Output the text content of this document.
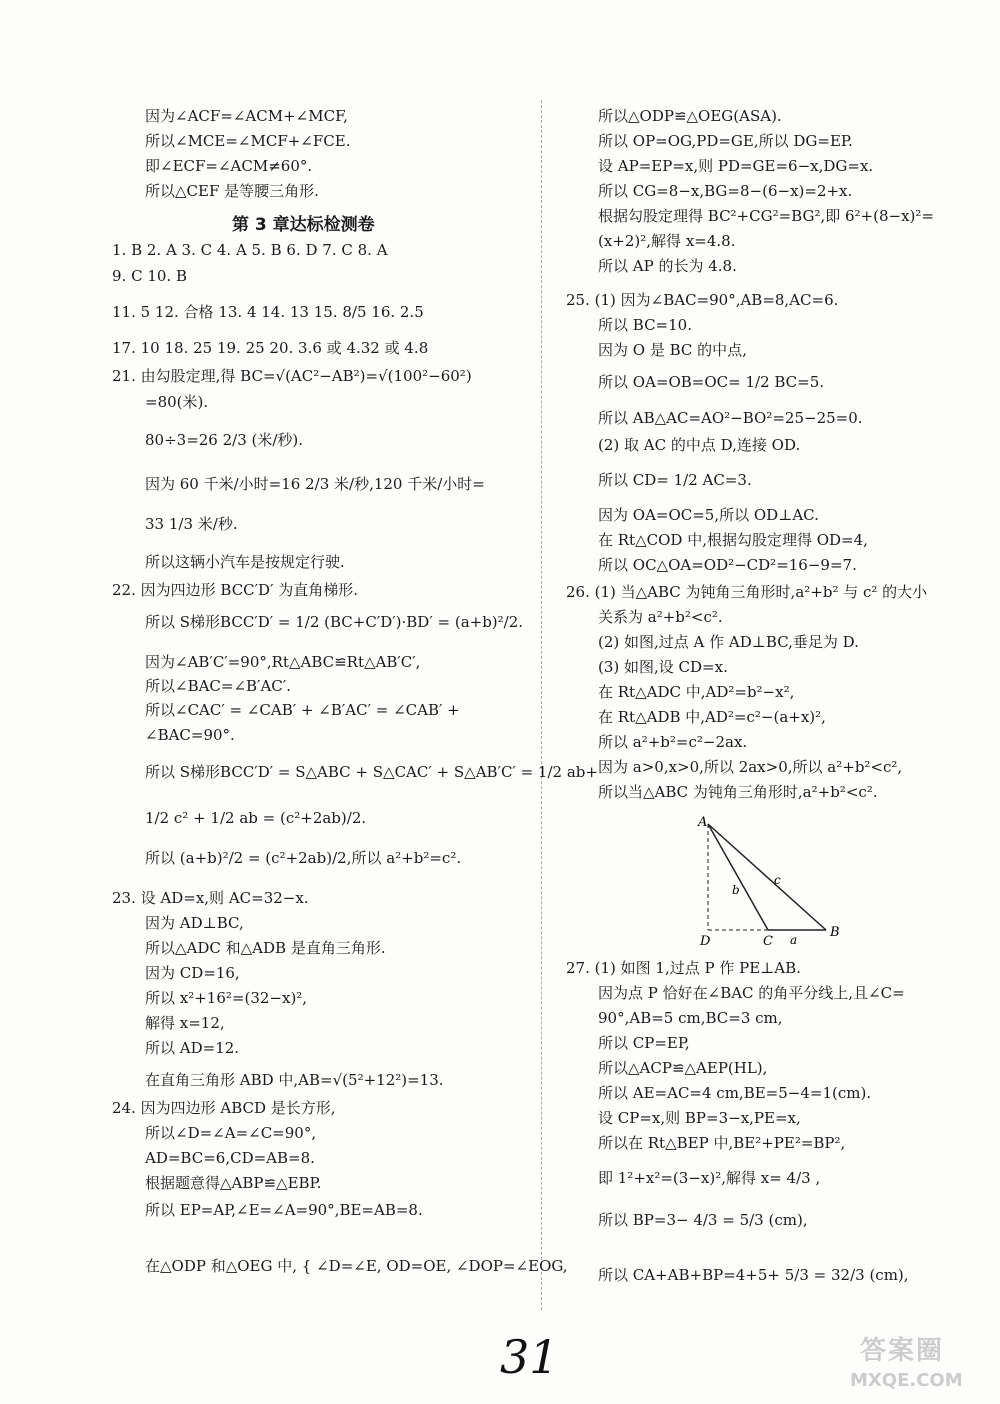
因为∠ACF=∠ACM+∠MCF,
所以∠MCE=∠MCF+∠FCE.
即∠ECF=∠ACM≠60°.
所以△CEF 是等腰三角形.
1. B 2. A 3. C 4. A 5. B 6. D 7. C 8. A
9. C 10. B
11. 5 12. 合格 13. 4 14. 13 15. 8/5 16. 2.5
17. 10 18. 25 19. 25 20. 3.6 或 4.32 或 4.8
21. 由勾股定理,得 BC=√(AC²−AB²)=√(100²−60²)
=80(米).
80÷3=26 2/3 (米/秒).
因为 60 千米/小时=16 2/3 米/秒,120 千米/小时=
33 1/3 米/秒.
所以这辆小汽车是按规定行驶.
22. 因为四边形 BCC′D′ 为直角梯形.
所以 S梯形BCC′D′ = 1/2 (BC+C′D′)·BD′ = (a+b)²/2.
因为∠AB′C′=90°,Rt△ABC≌Rt△AB′C′,
所以∠BAC=∠B′AC′.
所以∠CAC′ = ∠CAB′ + ∠B′AC′ = ∠CAB′ +
∠BAC=90°.
所以 S梯形BCC′D′ = S△ABC + S△CAC′ + S△AB′C′ = 1/2 ab+
1/2 c² + 1/2 ab = (c²+2ab)/2.
所以 (a+b)²/2 = (c²+2ab)/2,所以 a²+b²=c².
23. 设 AD=x,则 AC=32−x.
因为 AD⊥BC,
所以△ADC 和△ADB 是直角三角形.
因为 CD=16,
所以 x²+16²=(32−x)²,
解得 x=12,
所以 AD=12.
在直角三角形 ABD 中,AB=√(5²+12²)=13.
24. 因为四边形 ABCD 是长方形,
所以∠D=∠A=∠C=90°,
AD=BC=6,CD=AB=8.
根据题意得△ABP≌△EBP.
所以 EP=AP,∠E=∠A=90°,BE=AB=8.
在△ODP 和△OEG 中, { ∠D=∠E, OD=OE, ∠DOP=∠EOG,
第 3 章达标检测卷
所以△ODP≌△OEG(ASA).
所以 OP=OG,PD=GE,所以 DG=EP.
设 AP=EP=x,则 PD=GE=6−x,DG=x.
所以 CG=8−x,BG=8−(6−x)=2+x.
根据勾股定理得 BC²+CG²=BG²,即 6²+(8−x)²=
(x+2)²,解得 x=4.8.
所以 AP 的长为 4.8.
25. (1) 因为∠BAC=90°,AB=8,AC=6.
所以 BC=10.
因为 O 是 BC 的中点,
所以 OA=OB=OC= 1/2 BC=5.
所以 AB△AC=AO²−BO²=25−25=0.
(2) 取 AC 的中点 D,连接 OD.
所以 CD= 1/2 AC=3.
因为 OA=OC=5,所以 OD⊥AC.
在 Rt△COD 中,根据勾股定理得 OD=4,
所以 OC△OA=OD²−CD²=16−9=7.
26. (1) 当△ABC 为钝角三角形时,a²+b² 与 c² 的大小
关系为 a²+b²<c².
(2) 如图,过点 A 作 AD⊥BC,垂足为 D.
(3) 如图,设 CD=x.
在 Rt△ADC 中,AD²=b²−x²,
在 Rt△ADB 中,AD²=c²−(a+x)²,
所以 a²+b²=c²−2ax.
因为 a>0,x>0,所以 2ax>0,所以 a²+b²<c²,
所以当△ABC 为钝角三角形时,a²+b²<c².
27. (1) 如图 1,过点 P 作 PE⊥AB.
因为点 P 恰好在∠BAC 的角平分线上,且∠C=
90°,AB=5 cm,BC=3 cm,
所以 CP=EP,
所以△ACP≌△AEP(HL),
所以 AE=AC=4 cm,BE=5−4=1(cm).
设 CP=x,则 BP=3−x,PE=x,
所以在 Rt△BEP 中,BE²+PE²=BP²,
即 1²+x²=(3−x)²,解得 x= 4/3 ,
所以 BP=3− 4/3 = 5/3 (cm),
所以 CA+AB+BP=4+5+ 5/3 = 32/3 (cm),
A
B
C
D	a
b
c
31	答案圈
MXQE.COM
